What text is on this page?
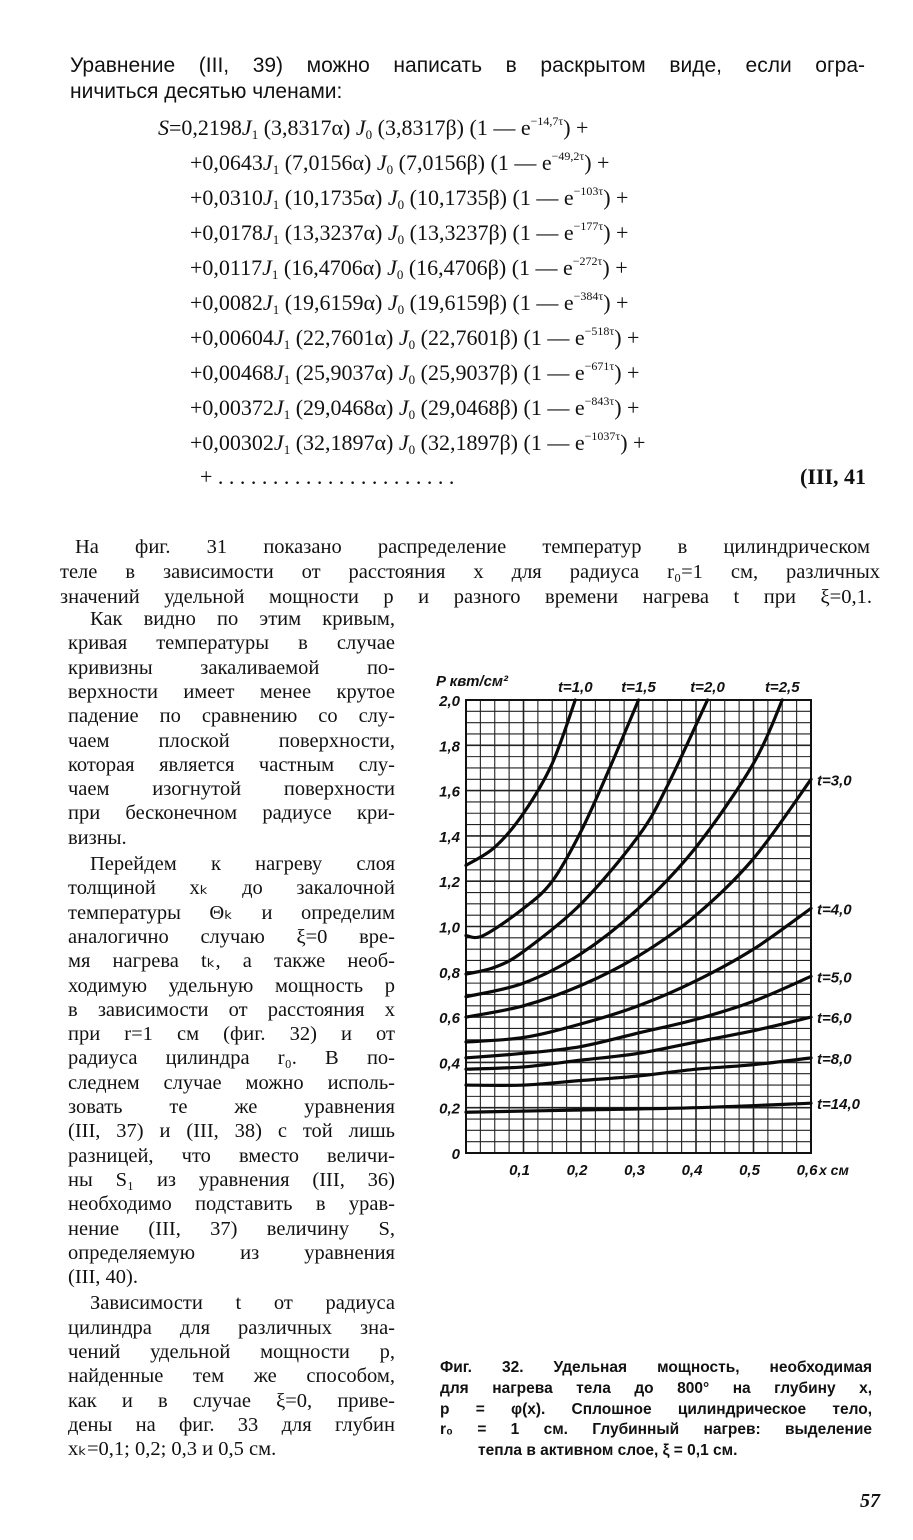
Уравнение (III, 39) можно написать в раскрытом виде, если огра-
ничиться десятью членами:
$S=0,2198J_1$ (3,8317α) $J_0$ (3,8317β) (1 — $e^{-14,7\tau}$) +
$+0,0643J_1$ (7,0156α) $J_0$ (7,0156β) (1 — $e^{-49,2\tau}$) +
$+0,0310J_1$ (10,1735α) $J_0$ (10,1735β) (1 — $e^{-103\tau}$) +
$+0,0178J_1$ (13,3237α) $J_0$ (13,3237β) (1 — $e^{-177\tau}$) +
$+0,0117J_1$ (16,4706α) $J_0$ (16,4706β) (1 — $e^{-272\tau}$) +
$+0,0082J_1$ (19,6159α) $J_0$ (19,6159β) (1 — $e^{-384\tau}$) +
$+0,00604J_1$ (22,7601α) $J_0$ (22,7601β) (1 — $e^{-518\tau}$) +
$+0,00468J_1$ (25,9037α) $J_0$ (25,9037β) (1 — $e^{-671\tau}$) +
$+0,00372J_1$ (29,0468α) $J_0$ (29,0468β) (1 — $e^{-843\tau}$) +
$+0,00302J_1$ (32,1897α) $J_0$ (32,1897β) (1 — $e^{-1037\tau}$) +
+ . . . . . . . . . . . . . . . . . . . . . .	(III, 41
На фиг. 31 показано распределение температур в цилиндрическом
теле в зависимости от расстояния x для радиуса r₀=1 см, различных
значений удельной мощности p и разного времени нагрева t при ξ=0,1.
Как видно по этим кривым,
кривая температуры в случае
кривизны закаливаемой по-
верхности имеет менее крутое
падение по сравнению со слу-
чаем плоской поверхности,
которая является частным слу-
чаем изогнутой поверхности
при бесконечном радиусе кри-
визны.
Перейдем к нагреву слоя
толщиной xₖ до закалочной
температуры Θₖ и определим
аналогично случаю ξ=0 вре-
мя нагрева tₖ, а также необ-
ходимую удельную мощность p
в зависимости от расстояния x
при r=1 см (фиг. 32) и от
радиуса цилиндра r₀. В по-
следнем случае можно исполь-
зовать те же уравнения
(III, 37) и (III, 38) с той лишь
разницей, что вместо величи-
ны S₁ из уравнения (III, 36)
необходимо подставить в урав-
нение (III, 37) величину S,
определяемую из уравнения
(III, 40).
Зависимости t от радиуса
цилиндра для различных зна-
чений удельной мощности p,
найденные тем же способом,
как и в случае ξ=0, приве-
дены на фиг. 33 для глубин
xₖ=0,1; 0,2; 0,3 и 0,5 см.
0
0,2
0,4
0,6
0,8
1,0
1,2
1,4
1,6
1,8
2,0
0,1 0,2 0,3 0,4 0,5 0,6
P квт/см²
x см
t=1,0 t=1,5 t=2,0	t=2,5
t=3,0
t=4,0
t=5,0
t=6,0
t=8,0
t=14,0
Фиг. 32. Удельная мощность, необходимая
для нагрева тела до 800° на глубину x,
p = φ(x). Сплошное цилиндрическое тело,
r₀ = 1 см. Глубинный нагрев: выделение
тепла в активном слое, ξ = 0,1 см.
57
